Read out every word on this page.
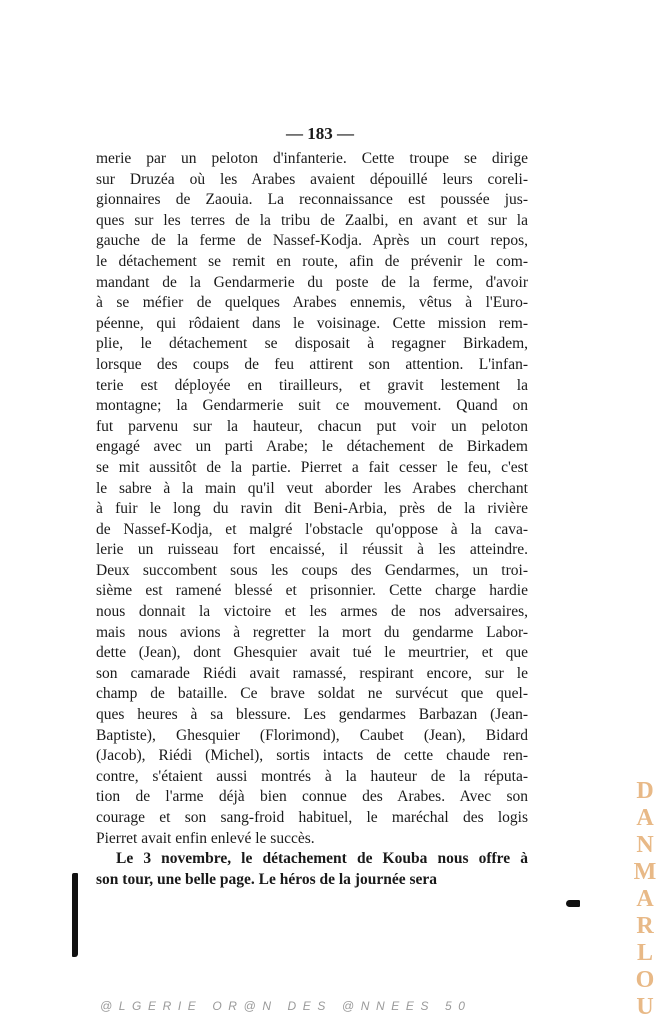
— 183 —
merie par un peloton d'infanterie. Cette troupe se dirige
sur Druzéa où les Arabes avaient dépouillé leurs coreli-
gionnaires de Zaouia. La reconnaissance est poussée jus-
ques sur les terres de la tribu de Zaalbi, en avant et sur la
gauche de la ferme de Nassef-Kodja. Après un court repos,
le détachement se remit en route, afin de prévenir le com-
mandant de la Gendarmerie du poste de la ferme, d'avoir
à se méfier de quelques Arabes ennemis, vêtus à l'Euro-
péenne, qui rôdaient dans le voisinage. Cette mission rem-
plie, le détachement se disposait à regagner Birkadem,
lorsque des coups de feu attirent son attention. L'infan-
terie est déployée en tirailleurs, et gravit lestement la
montagne; la Gendarmerie suit ce mouvement. Quand on
fut parvenu sur la hauteur, chacun put voir un peloton
engagé avec un parti Arabe; le détachement de Birkadem
se mit aussitôt de la partie. Pierret a fait cesser le feu, c'est
le sabre à la main qu'il veut aborder les Arabes cherchant
à fuir le long du ravin dit Beni-Arbia, près de la rivière
de Nassef-Kodja, et malgré l'obstacle qu'oppose à la cava-
lerie un ruisseau fort encaissé, il réussit à les atteindre.
Deux succombent sous les coups des Gendarmes, un troi-
sième est ramené blessé et prisonnier. Cette charge hardie
nous donnait la victoire et les armes de nos adversaires,
mais nous avions à regretter la mort du gendarme Labor-
dette (Jean), dont Ghesquier avait tué le meurtrier, et que
son camarade Riédi avait ramassé, respirant encore, sur le
champ de bataille. Ce brave soldat ne survécut que quel-
ques heures à sa blessure. Les gendarmes Barbazan (Jean-
Baptiste), Ghesquier (Florimond), Caubet (Jean), Bidard
(Jacob), Riédi (Michel), sortis intacts de cette chaude ren-
contre, s'étaient aussi montrés à la hauteur de la réputa-
tion de l'arme déjà bien connue des Arabes. Avec son
courage et son sang-froid habituel, le maréchal des logis
Pierret avait enfin enlevé le succès.
Le 3 novembre, le détachement de Kouba nous offre à
son tour, une belle page. Le héros de la journée sera
D
A
N
M
A
R
L
O
U
@LGERIE OR@N DES @NNEES 50
